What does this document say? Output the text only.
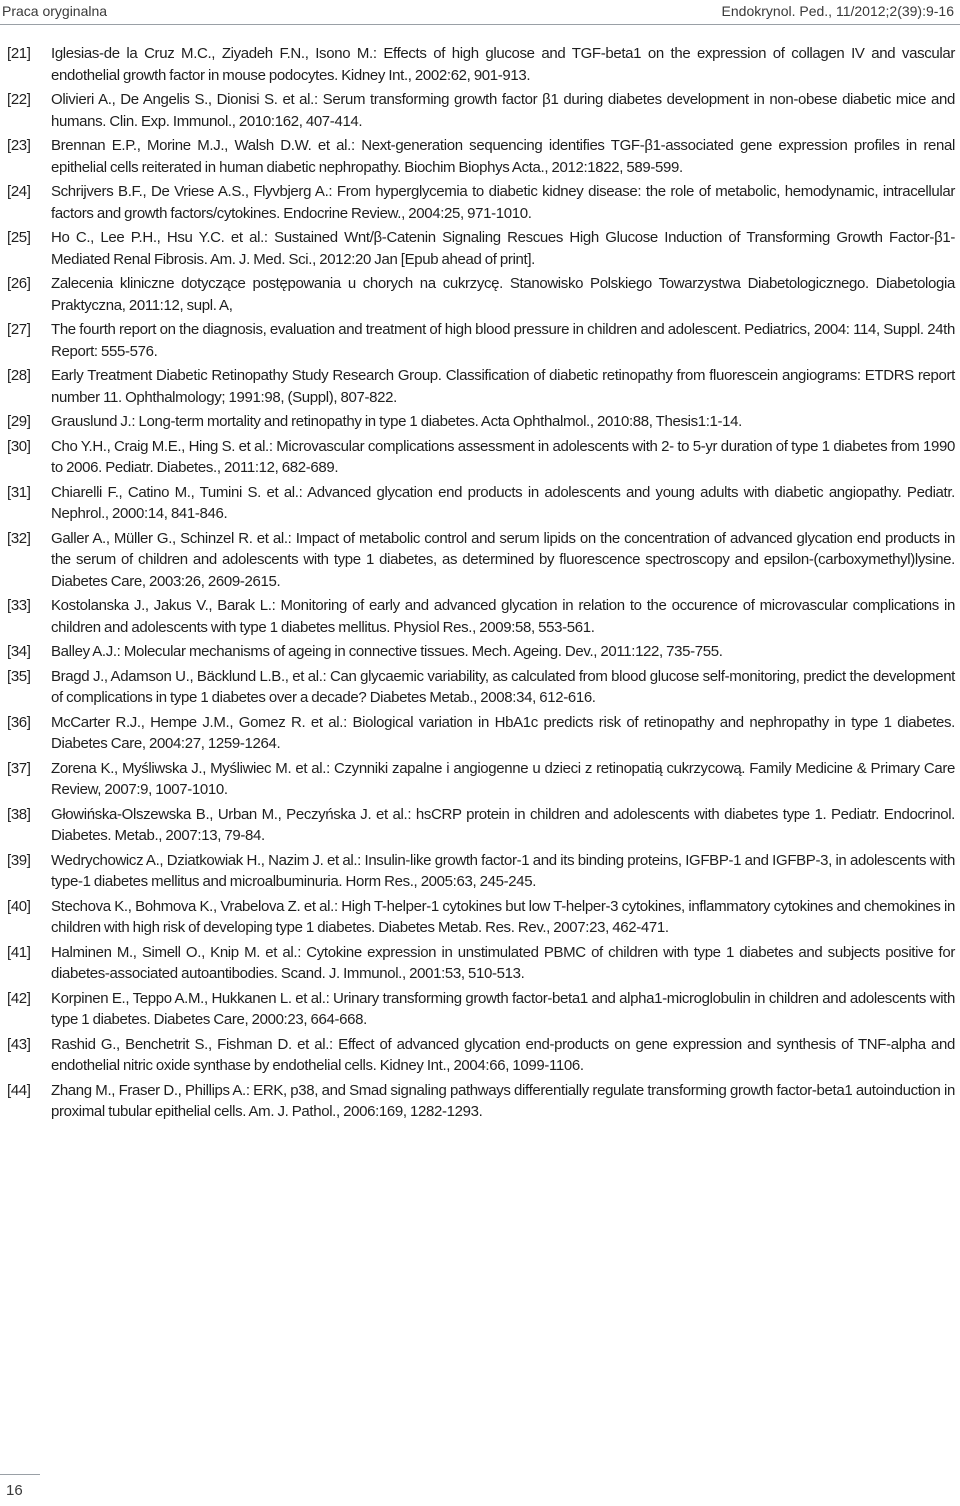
Praca oryginalna	Endokrynol. Ped., 11/2012;2(39):9-16
[21]	Iglesias-de la Cruz M.C., Ziyadeh F.N., Isono M.: Effects of high glucose and TGF-beta1 on the expression of collagen IV and vascular endothelial growth factor in mouse podocytes. Kidney Int., 2002:62, 901-913.
[22]	Olivieri A., De Angelis S., Dionisi S. et al.: Serum transforming growth factor β1 during diabetes development in non-obese diabetic mice and humans. Clin. Exp. Immunol., 2010:162, 407-414.
[23]	Brennan E.P., Morine M.J., Walsh D.W. et al.: Next-generation sequencing identifies TGF-β1-associated gene expression profiles in renal epithelial cells reiterated in human diabetic nephropathy. Biochim Biophys Acta., 2012:1822, 589-599.
[24]	Schrijvers B.F., De Vriese A.S., Flyvbjerg A.: From hyperglycemia to diabetic kidney disease: the role of metabolic, hemodynamic, intracellular factors and growth factors/cytokines. Endocrine Review., 2004:25, 971-1010.
[25]	Ho C., Lee P.H., Hsu Y.C. et al.: Sustained Wnt/β-Catenin Signaling Rescues High Glucose Induction of Transforming Growth Factor-β1-Mediated Renal Fibrosis. Am. J. Med. Sci., 2012:20 Jan [Epub ahead of print].
[26]	Zalecenia kliniczne dotyczące postępowania u chorych na cukrzycę. Stanowisko Polskiego Towarzystwa Diabetologicznego. Diabetologia Praktyczna, 2011:12, supl. A,
[27]	The fourth report on the diagnosis, evaluation and treatment of high blood pressure in children and adolescent. Pediatrics, 2004: 114, Suppl. 24th Report: 555-576.
[28]	Early Treatment Diabetic Retinopathy Study Research Group. Classification of diabetic retinopathy from fluorescein angiograms: ETDRS report number 11. Ophthalmology; 1991:98, (Suppl), 807-822.
[29]	Grauslund J.: Long-term mortality and retinopathy in type 1 diabetes. Acta Ophthalmol., 2010:88, Thesis1:1-14.
[30]	Cho Y.H., Craig M.E., Hing S. et al.: Microvascular complications assessment in adolescents with 2- to 5-yr duration of type 1 diabetes from 1990 to 2006. Pediatr. Diabetes., 2011:12, 682-689.
[31]	Chiarelli F., Catino M., Tumini S. et al.: Advanced glycation end products in adolescents and young adults with diabetic angiopathy. Pediatr. Nephrol., 2000:14, 841-846.
[32]	Galler A., Müller G., Schinzel R. et al.: Impact of metabolic control and serum lipids on the concentration of advanced glycation end products in the serum of children and adolescents with type 1 diabetes, as determined by fluorescence spectroscopy and epsilon-(carboxymethyl)lysine. Diabetes Care, 2003:26, 2609-2615.
[33]	Kostolanska J., Jakus V., Barak L.: Monitoring of early and advanced glycation in relation to the occurence of microvascular complications in children and adolescents with type 1 diabetes mellitus. Physiol Res., 2009:58, 553-561.
[34]	Balley A.J.: Molecular mechanisms of ageing in connective tissues. Mech. Ageing. Dev., 2011:122, 735-755.
[35]	Bragd J., Adamson U., Bäcklund L.B., et al.: Can glycaemic variability, as calculated from blood glucose self-monitoring, predict the development of complications in type 1 diabetes over a decade? Diabetes Metab., 2008:34, 612-616.
[36]	McCarter R.J., Hempe J.M., Gomez R. et al.: Biological variation in HbA1c predicts risk of retinopathy and nephropathy in type 1 diabetes. Diabetes Care, 2004:27, 1259-1264.
[37]	Zorena K., Myśliwska J., Myśliwiec M. et al.: Czynniki zapalne i angiogenne u dzieci z retinopatią cukrzycową. Family Medicine & Primary Care Review, 2007:9, 1007-1010.
[38]	Głowińska-Olszewska B., Urban M., Peczyńska J. et al.: hsCRP protein in children and adolescents with diabetes type 1. Pediatr. Endocrinol. Diabetes. Metab., 2007:13, 79-84.
[39]	Wedrychowicz A., Dziatkowiak H., Nazim J. et al.: Insulin-like growth factor-1 and its binding proteins, IGFBP-1 and IGFBP-3, in adolescents with type-1 diabetes mellitus and microalbuminuria. Horm Res., 2005:63, 245-245.
[40]	Stechova K., Bohmova K., Vrabelova Z. et al.: High T-helper-1 cytokines but low T-helper-3 cytokines, inflammatory cytokines and chemokines in children with high risk of developing type 1 diabetes. Diabetes Metab. Res. Rev., 2007:23, 462-471.
[41]	Halminen M., Simell O., Knip M. et al.: Cytokine expression in unstimulated PBMC of children with type 1 diabetes and subjects positive for diabetes-associated autoantibodies. Scand. J. Immunol., 2001:53, 510-513.
[42]	Korpinen E., Teppo A.M., Hukkanen L. et al.: Urinary transforming growth factor-beta1 and alpha1-microglobulin in children and adolescents with type 1 diabetes. Diabetes Care, 2000:23, 664-668.
[43]	Rashid G., Benchetrit S., Fishman D. et al.: Effect of advanced glycation end-products on gene expression and synthesis of TNF-alpha and endothelial nitric oxide synthase by endothelial cells. Kidney Int., 2004:66, 1099-1106.
[44]	Zhang M., Fraser D., Phillips A.: ERK, p38, and Smad signaling pathways differentially regulate transforming growth factor-beta1 autoinduction in proximal tubular epithelial cells. Am. J. Pathol., 2006:169, 1282-1293.
16
